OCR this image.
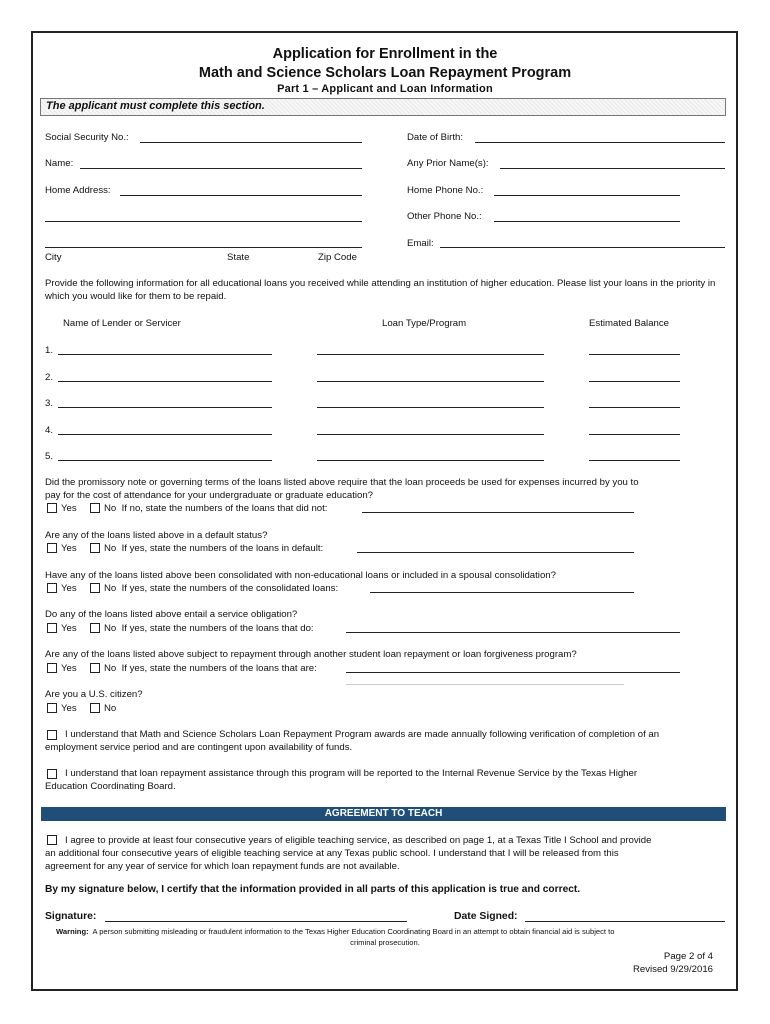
Application for Enrollment in the
Math and Science Scholars Loan Repayment Program
Part 1 – Applicant and Loan Information
The applicant must complete this section.
Social Security No.:	Date of Birth:
Name:	Any Prior Name(s):
Home Address:	Home Phone No.:
Other Phone No.:
Email:
City	State	Zip Code
Provide the following information for all educational loans you received while attending an institution of higher education. Please list your loans in the priority in which you would like for them to be repaid.
Name of Lender or Servicer	Loan Type/Program	Estimated Balance
1.
2.
3.
4.
5.
Did the promissory note or governing terms of the loans listed above require that the loan proceeds be used for expenses incurred by you to
pay for the cost of attendance for your undergraduate or graduate education?
Yes	No If no, state the numbers of the loans that did not:
Are any of the loans listed above in a default status?
Yes	No If yes, state the numbers of the loans in default:
Have any of the loans listed above been consolidated with non-educational loans or included in a spousal consolidation?
Yes	No If yes, state the numbers of the consolidated loans:
Do any of the loans listed above entail a service obligation?
Yes	No If yes, state the numbers of the loans that do:
Are any of the loans listed above subject to repayment through another student loan repayment or loan forgiveness program?
Yes	No If yes, state the numbers of the loans that are:
Are you a U.S. citizen?
Yes	No
I understand that Math and Science Scholars Loan Repayment Program awards are made annually following verification of completion of an
employment service period and are contingent upon availability of funds.
I understand that loan repayment assistance through this program will be reported to the Internal Revenue Service by the Texas Higher
Education Coordinating Board.
AGREEMENT TO TEACH
I agree to provide at least four consecutive years of eligible teaching service, as described on page 1, at a Texas Title I School and provide
an additional four consecutive years of eligible teaching service at any Texas public school. I understand that I will be released from this
agreement for any year of service for which loan repayment funds are not available.
By my signature below, I certify that the information provided in all parts of this application is true and correct.
Signature:	Date Signed:
Warning: A person submitting misleading or fraudulent information to the Texas Higher Education Coordinating Board in an attempt to obtain financial aid is subject to
criminal prosecution.
Page 2 of 4
Revised 9/29/2016
